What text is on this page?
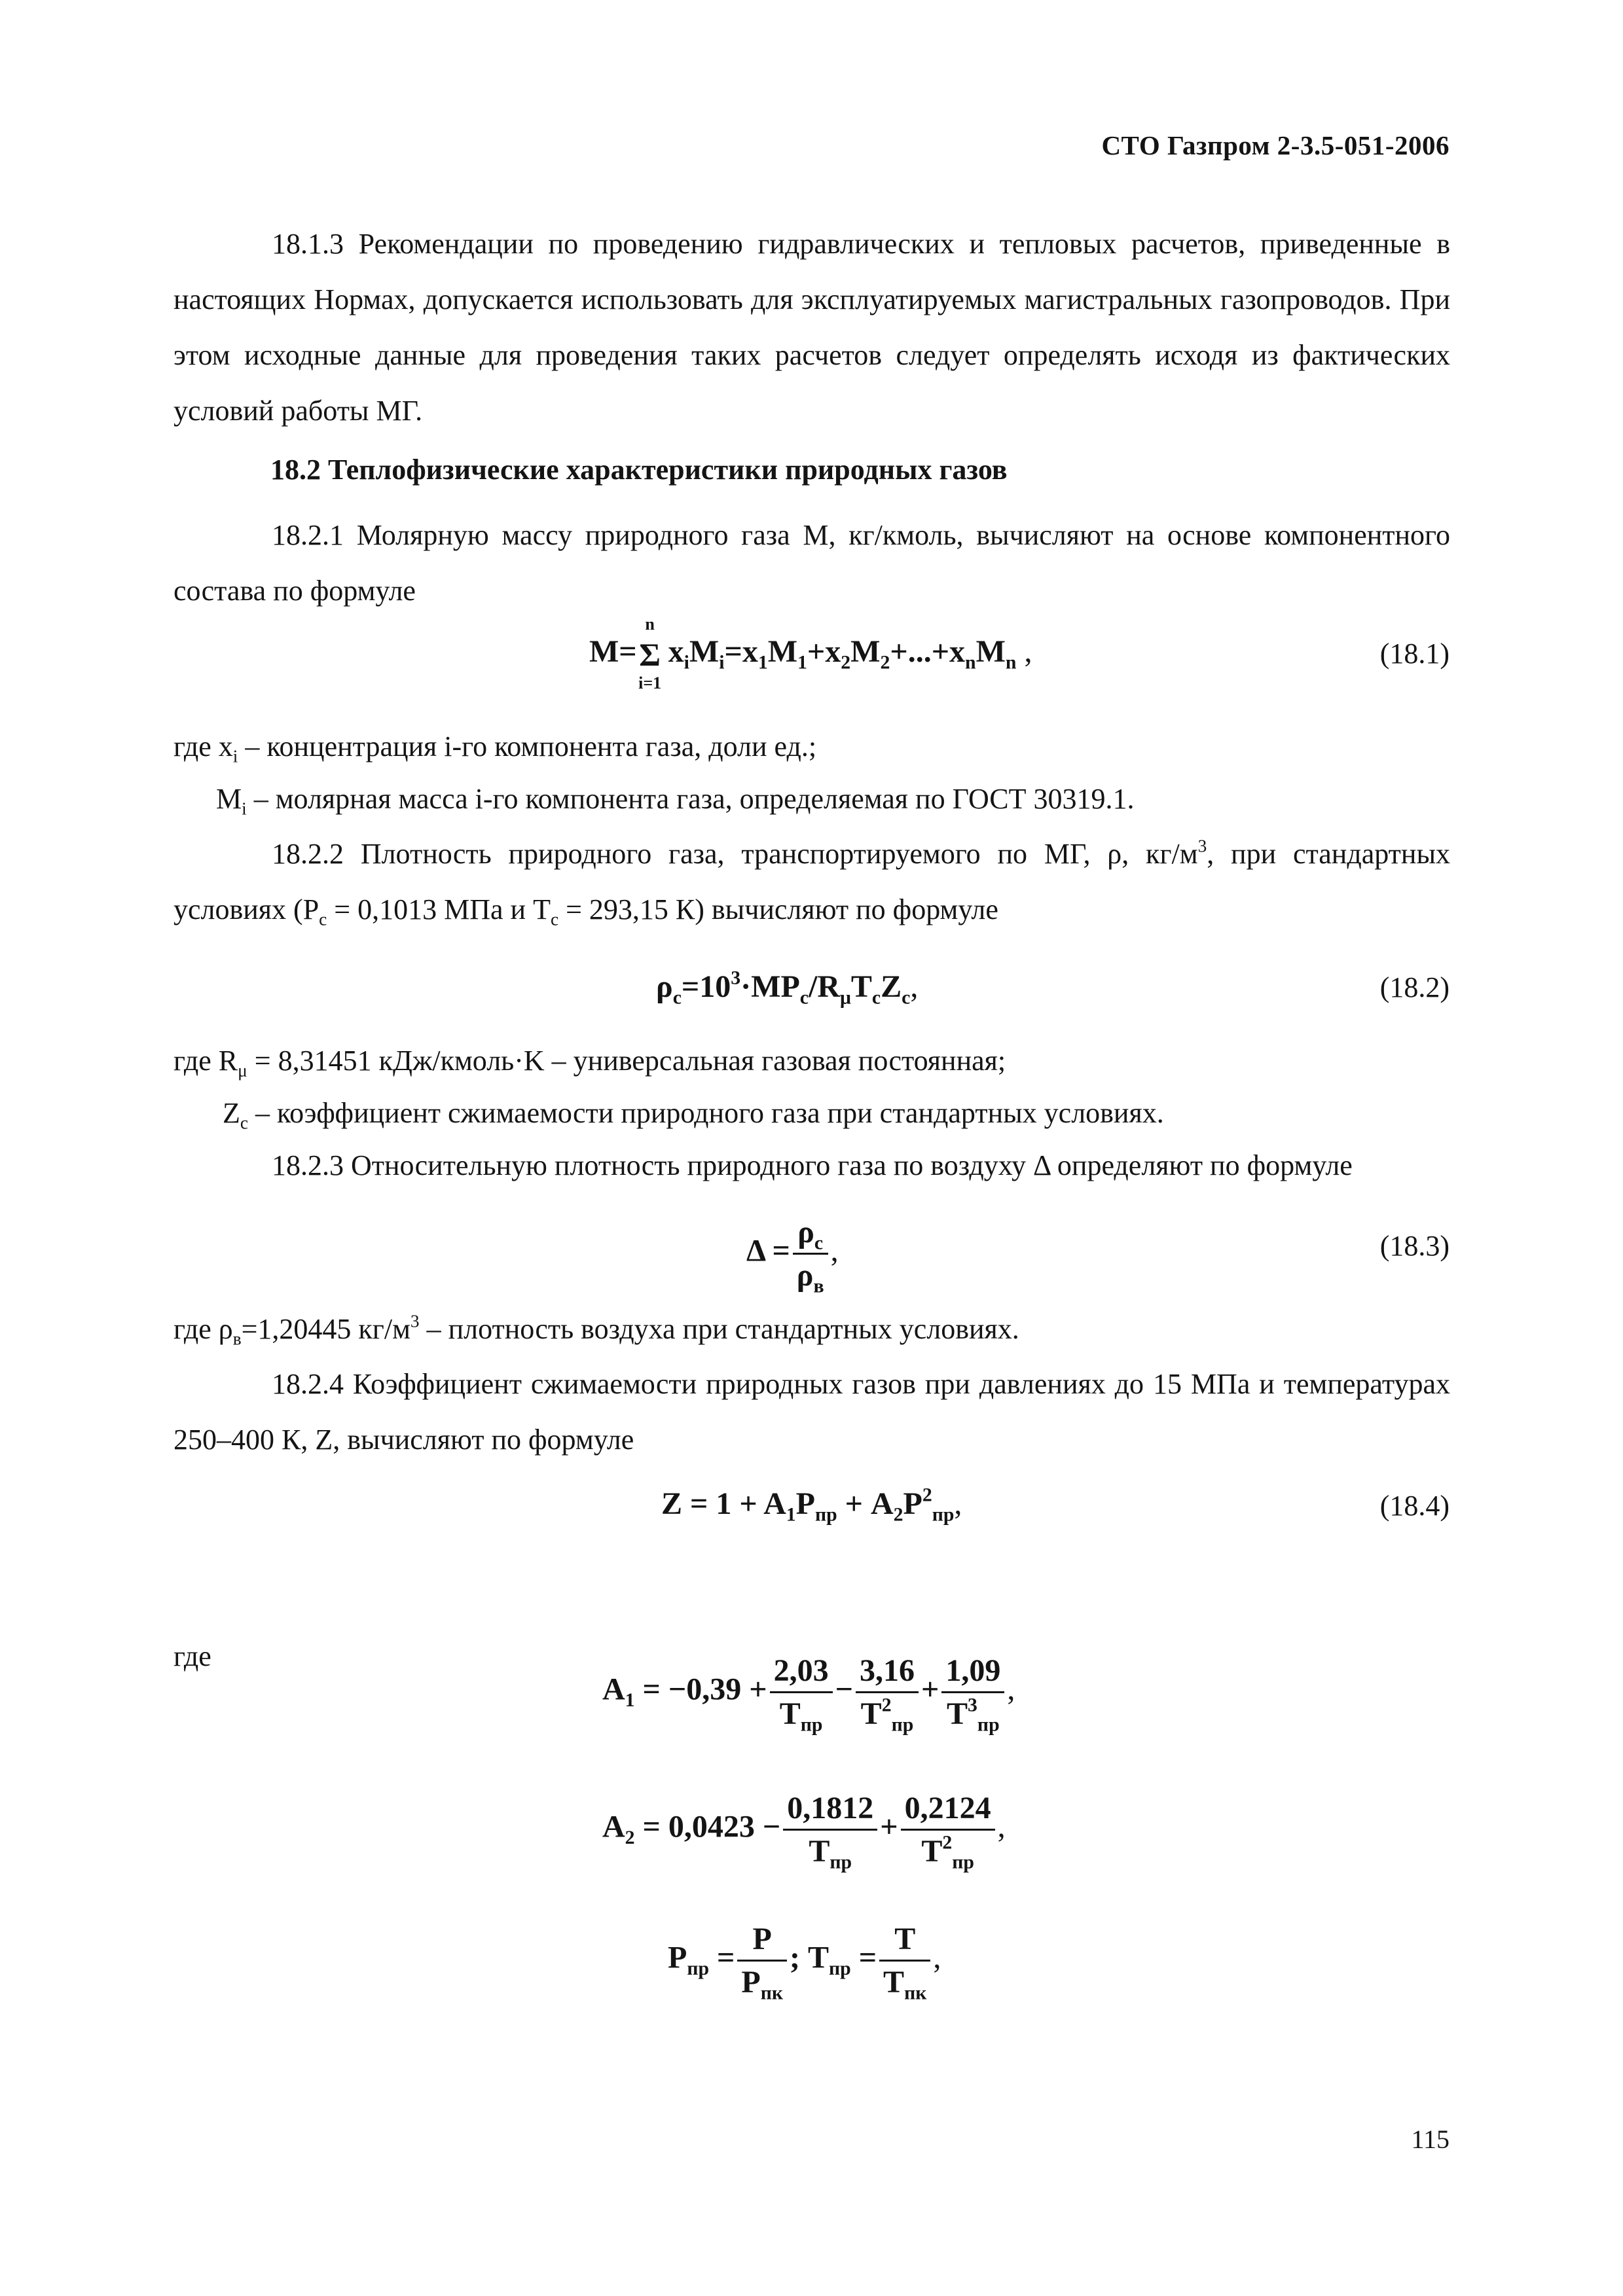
СТО Газпром 2-3.5-051-2006
18.1.3 Рекомендации по проведению гидравлических и тепловых расчетов, приведенные в настоящих Нормах, допускается использовать для эксплуатируемых магистральных газопроводов. При этом исходные данные для проведения таких расчетов следует определять исходя из фактических условий работы МГ.
18.2 Теплофизические характеристики природных газов
18.2.1 Молярную массу природного газа М, кг/кмоль, вычисляют на основе компонентного состава по формуле
M=
n
Σ
i=1
$x_iM_i=x_1M_1+x_2M_2+...+x_nM_n$ ,	(18.1)
где $x_i$ – концентрация i-го компонента газа, доли ед.;
$M_i$ – молярная масса i-го компонента газа, определяемая по ГОСТ 30319.1.
18.2.2 Плотность природного газа, транспортируемого по МГ, ρ, $кг/м^3$, при стандартных условиях ($P_с = 0,1013$ МПа и $T_с = 293,15$ К) вычисляют по формуле
$\rho_с=10^3\cdot MP_с/R_\mu T_сZ_с$,	(18.2)
где $R_\mu = 8,31451$ кДж/кмоль·K – универсальная газовая постоянная;
$Z_с$ – коэффициент сжимаемости природного газа при стандартных условиях.
18.2.3 Относительную плотность природного газа по воздуху Δ определяют по формуле
$\Delta = \frac{\rho_с}{\rho_в}$ ,	(18.3)
где $\rho_в=1,20445$ $кг/м^3$ – плотность воздуха при стандартных условиях.
18.2.4 Коэффициент сжимаемости природных газов при давлениях до 15 МПа и температурах 250–400 К, Z, вычисляют по формуле
$Z = 1 + A_1P_{пр} + A_2P^2_{пр}$,	(18.4)
где
$A_1 = -0,39 + \frac{2,03}{T_{пр}} - \frac{3,16}{T^2_{пр}} + \frac{1,09}{T^3_{пр}}$ ,
$A_2 = 0,0423 - \frac{0,1812}{T_{пр}} + \frac{0,2124}{T^2_{пр}}$ ,
$P_{пр} = \frac{P}{P_{пк}}$ ; $T_{пр} = \frac{T}{T_{пк}}$ ,
115
